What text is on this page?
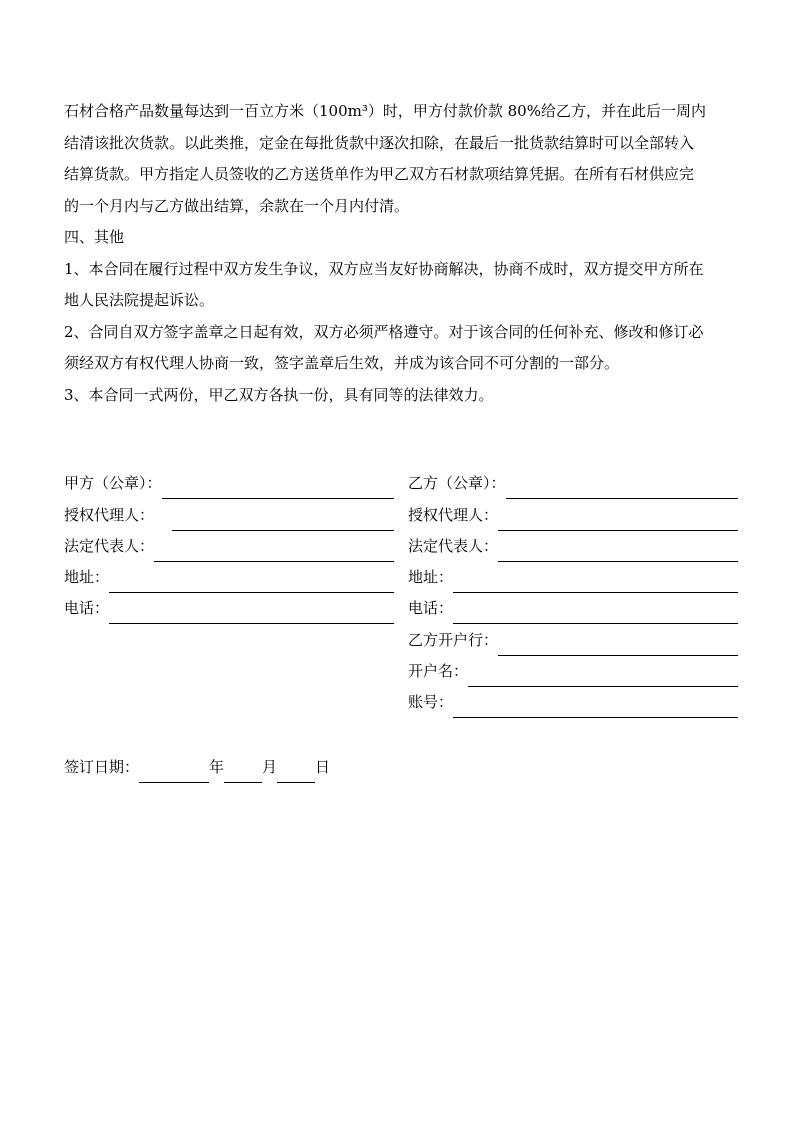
石材合格产品数量每达到一百立方米（100m³）时，甲方付款价款 80%给乙方，并在此后一周内
结清该批次货款。以此类推，定金在每批货款中逐次扣除，在最后一批货款结算时可以全部转入
结算货款。甲方指定人员签收的乙方送货单作为甲乙双方石材款项结算凭据。在所有石材供应完
的一个月内与乙方做出结算，余款在一个月内付清。
四、其他
1、本合同在履行过程中双方发生争议，双方应当友好协商解决，协商不成时，双方提交甲方所在
地人民法院提起诉讼。
2、合同自双方签字盖章之日起有效，双方必须严格遵守。对于该合同的任何补充、修改和修订必
须经双方有权代理人协商一致，签字盖章后生效，并成为该合同不可分割的一部分。
3、本合同一式两份，甲乙双方各执一份，具有同等的法律效力。
甲方（公章）：
授权代理人：
法定代表人：
地址：
电话：
乙方（公章）：
授权代理人：
法定代表人：
地址：
电话：
乙方开户行：
开户名：
账号：
签订日期：	年	月	日
